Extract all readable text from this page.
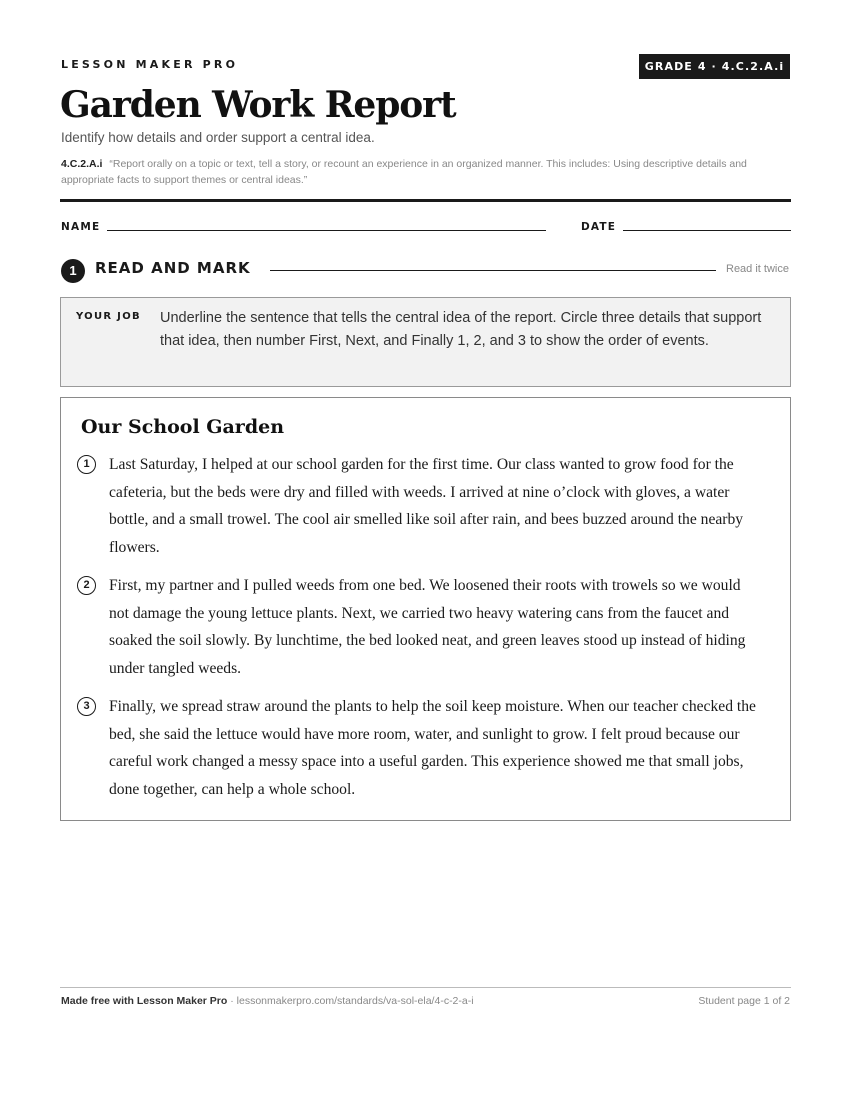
LESSON MAKER PRO	GRADE 4 · 4.C.2.A.i
Garden Work Report
Identify how details and order support a central idea.
4.C.2.A.i “Report orally on a topic or text, tell a story, or recount an experience in an organized manner. This includes: Using descriptive details and appropriate facts to support themes or central ideas.”
NAME	DATE
1	READ AND MARK	Read it twice
YOUR JOB Underline the sentence that tells the central idea of the report. Circle three details that support that idea, then number First, Next, and Finally 1, 2, and 3 to show the order of events.
Our School Garden
1	Last Saturday, I helped at our school garden for the first time. Our class wanted to grow food for the cafeteria, but the beds were dry and filled with weeds. I arrived at nine o’clock with gloves, a water bottle, and a small trowel. The cool air smelled like soil after rain, and bees buzzed around the nearby flowers.
2	First, my partner and I pulled weeds from one bed. We loosened their roots with trowels so we would not damage the young lettuce plants. Next, we carried two heavy watering cans from the faucet and soaked the soil slowly. By lunchtime, the bed looked neat, and green leaves stood up instead of hiding under tangled weeds.
3	Finally, we spread straw around the plants to help the soil keep moisture. When our teacher checked the bed, she said the lettuce would have more room, water, and sunlight to grow. I felt proud because our careful work changed a messy space into a useful garden. This experience showed me that small jobs, done together, can help a whole school.
Made free with Lesson Maker Pro · lessonmakerpro.com/standards/va-sol-ela/4-c-2-a-i	Student page 1 of 2
